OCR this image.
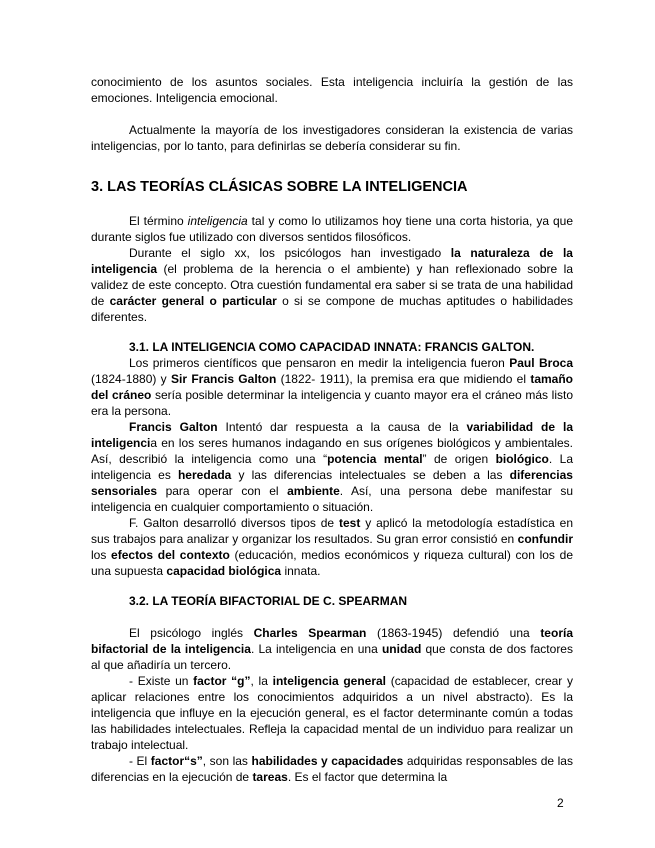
conocimiento de los asuntos sociales. Esta inteligencia incluiría la gestión de las emociones. Inteligencia emocional.

Actualmente la mayoría de los investigadores consideran la existencia de varias inteligencias, por lo tanto, para definirlas se debería considerar su fin.

3. LAS TEORÍAS CLÁSICAS SOBRE LA INTELIGENCIA

El término inteligencia tal y como lo utilizamos hoy tiene una corta historia, ya que durante siglos fue utilizado con diversos sentidos filosóficos.

Durante el siglo xx, los psicólogos han investigado la naturaleza de la inteligencia (el problema de la herencia o el ambiente) y han reflexionado sobre la validez de este concepto. Otra cuestión fundamental era saber si se trata de una habilidad de carácter general o particular o si se compone de muchas aptitudes o habilidades diferentes.

3.1. LA INTELIGENCIA COMO CAPACIDAD INNATA: FRANCIS GALTON.

Los primeros científicos que pensaron en medir la inteligencia fueron Paul Broca (1824-1880) y Sir Francis Galton (1822- 1911), la premisa era que midiendo el tamaño del cráneo sería posible determinar la inteligencia y cuanto mayor era el cráneo más listo era la persona.

Francis Galton Intentó dar respuesta a la causa de la variabilidad de la inteligencia en los seres humanos indagando en sus orígenes biológicos y ambientales. Así, describió la inteligencia como una “potencia mental” de origen biológico. La inteligencia es heredada y las diferencias intelectuales se deben a las diferencias sensoriales para operar con el ambiente. Así, una persona debe manifestar su inteligencia en cualquier comportamiento o situación.

F. Galton desarrolló diversos tipos de test y aplicó la metodología estadística en sus trabajos para analizar y organizar los resultados. Su gran error consistió en confundir los efectos del contexto (educación, medios económicos y riqueza cultural) con los de una supuesta capacidad biológica innata.

3.2. LA TEORÍA BIFACTORIAL DE C. SPEARMAN

El psicólogo inglés Charles Spearman (1863-1945) defendió una teoría bifactorial de la inteligencia. La inteligencia en una unidad que consta de dos factores al que añadiría un tercero.

- Existe un factor “g”, la inteligencia general (capacidad de establecer, crear y aplicar relaciones entre los conocimientos adquiridos a un nivel abstracto). Es la inteligencia que influye en la ejecución general, es el factor determinante común a todas las habilidades intelectuales. Refleja la capacidad mental de un individuo para realizar un trabajo intelectual.

- El factor“s”, son las habilidades y capacidades adquiridas responsables de las diferencias en la ejecución de tareas. Es el factor que determina la

2
